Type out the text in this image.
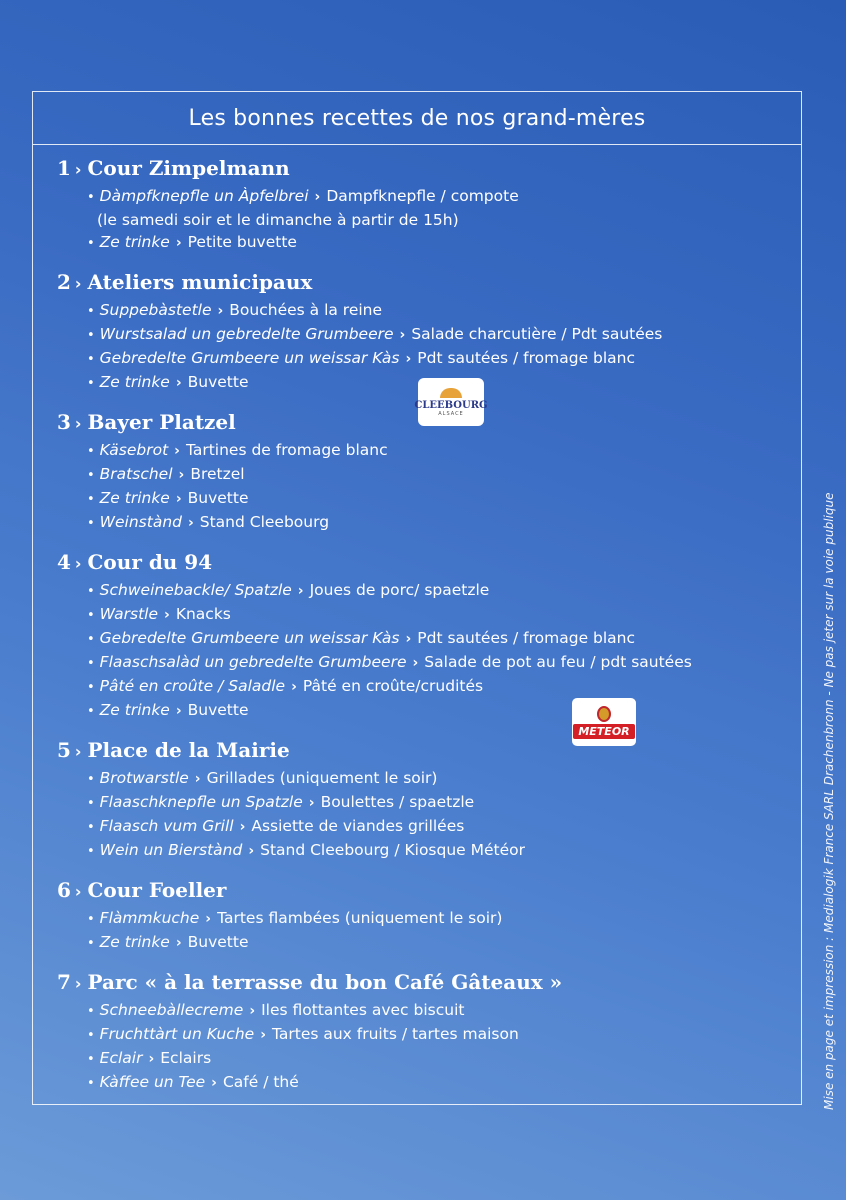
Les bonnes recettes de nos grand-mères
1 › Cour Zimpelmann
• Dàmpfknepfle un Àpfelbrei › Dampfknepfle / compote
(le samedi soir et le dimanche à partir de 15h)
• Ze trinke › Petite buvette
2 › Ateliers municipaux
• Suppebàstetle › Bouchées à la reine
• Wurstsalad un gebredelte Grumbeere › Salade charcutière / Pdt sautées
• Gebredelte Grumbeere un weissar Kàs › Pdt sautées / fromage blanc
• Ze trinke › Buvette
3 › Bayer Platzel
• Käsebrot › Tartines de fromage blanc
• Bratschel › Bretzel
• Ze trinke › Buvette
• Weinstànd › Stand Cleebourg
4 › Cour du 94
• Schweinebackle/ Spatzle › Joues de porc/ spaetzle
• Warstle › Knacks
• Gebredelte Grumbeere un weissar Kàs › Pdt sautées / fromage blanc
• Flaaschsalàd un gebredelte Grumbeere › Salade de pot au feu / pdt sautées
• Pâté en croûte / Saladle › Pâté en croûte/crudités
• Ze trinke › Buvette
5 › Place de la Mairie
• Brotwarstle › Grillades (uniquement le soir)
• Flaaschknepfle un Spatzle › Boulettes / spaetzle
• Flaasch vum Grill › Assiette de viandes grillées
• Wein un Bierstànd › Stand Cleebourg / Kiosque Météor
6 › Cour Foeller
• Flàmmkuche › Tartes flambées (uniquement le soir)
• Ze trinke › Buvette
7 › Parc « à la terrasse du bon Café Gâteaux »
• Schneebàllecreme › Iles flottantes avec biscuit
• Fruchttàrt un Kuche › Tartes aux fruits / tartes maison
• Eclair › Eclairs
• Kàffee un Tee › Café / thé
CLEEBOURG
ALSACE
METEOR	Mise en page et impression : Medialogik France SARL Drachenbronn - Ne pas jeter sur la voie publique
